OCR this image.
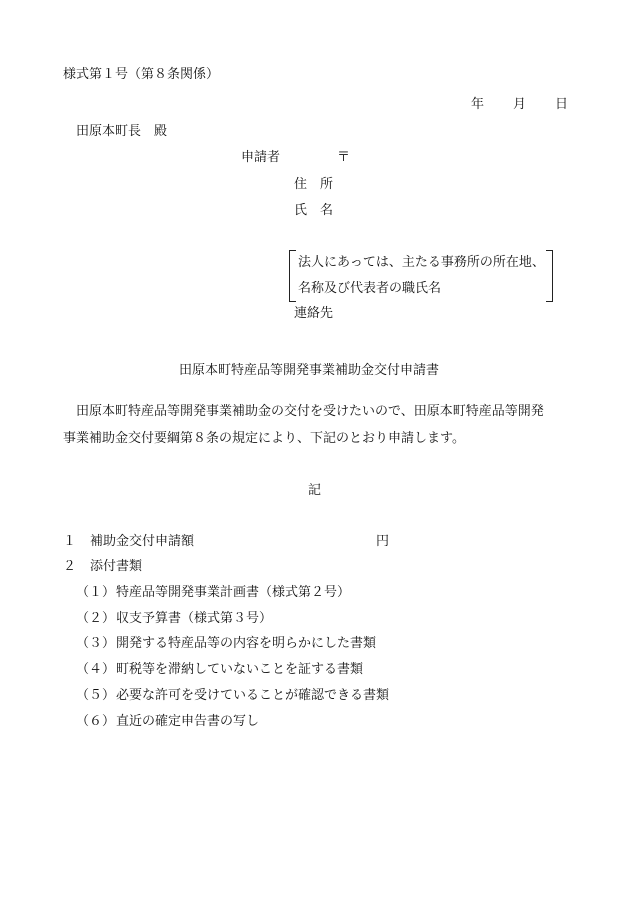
様式第１号（第８条関係）
年 月 日
田原本町長　殿
申請者	〒
住　所
氏　名
法人にあっては、主たる事務所の所在地、
名称及び代表者の職氏名
連絡先
田原本町特産品等開発事業補助金交付申請書
田原本町特産品等開発事業補助金の交付を受けたいので、田原本町特産品等開発
事業補助金交付要綱第８条の規定により、下記のとおり申請します。
記
１ 補助金交付申請額	円
２ 添付書類
（１） 特産品等開発事業計画書（様式第２号）
（２） 収支予算書（様式第３号）
（３） 開発する特産品等の内容を明らかにした書類
（４） 町税等を滞納していないことを証する書類
（５） 必要な許可を受けていることが確認できる書類
（６） 直近の確定申告書の写し
